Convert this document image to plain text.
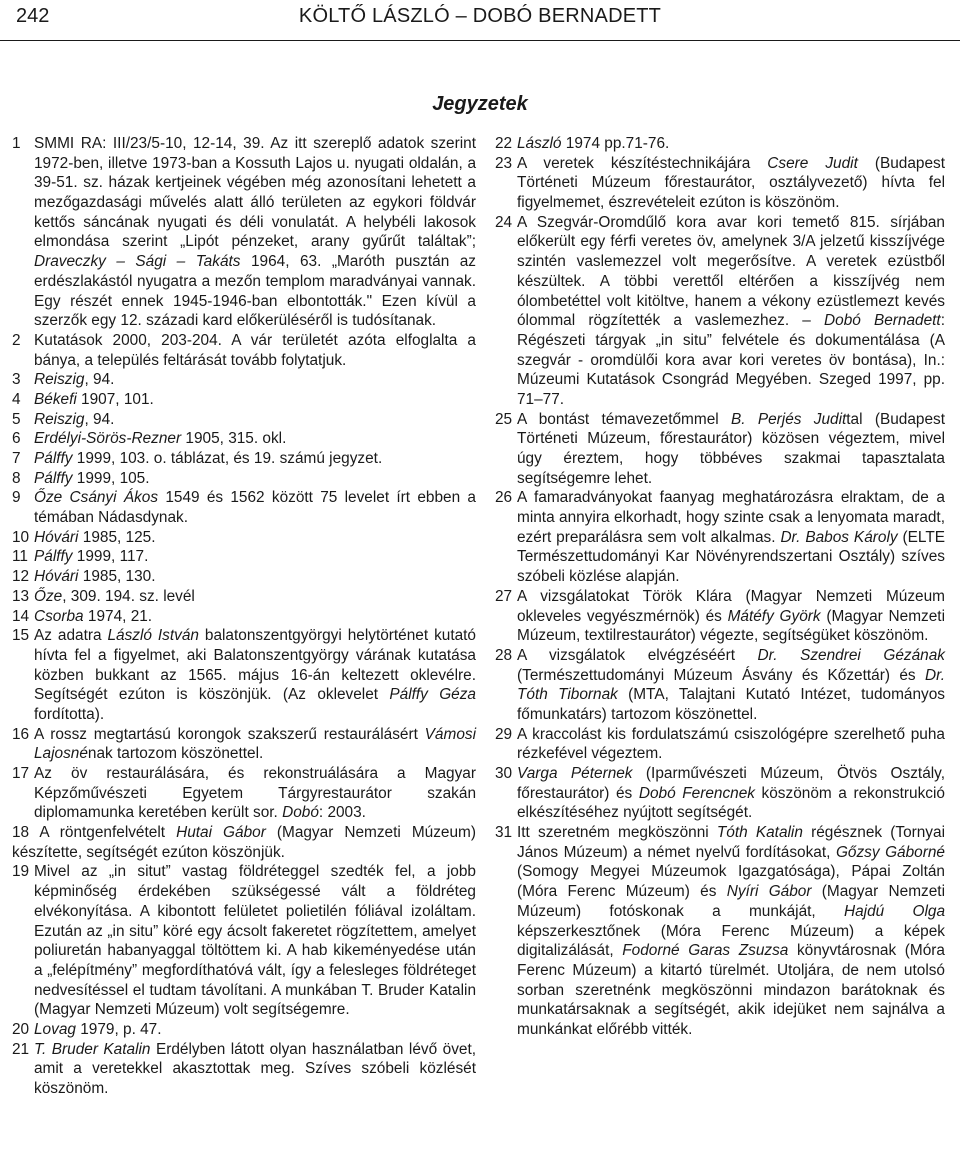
242	KÖLTŐ LÁSZLÓ – DOBÓ BERNADETT
Jegyzetek

1 SMMI RA: III/23/5-10, 12-14, 39. Az itt szereplő adatok szerint 1972-ben, illetve 1973-ban a Kossuth Lajos u. nyugati oldalán, a 39-51. sz. házak kertjeinek végében még azonosítani lehetett a mezőgazdasági művelés alatt álló területen az egykori földvár kettős sáncának nyugati és déli vonulatát. A helybéli lakosok elmondása szerint „Lipót pénzeket, arany gyűrűt találtak”; Draveczky – Sági – Takáts 1964, 63. „Maróth pusztán az erdészlakástól nyugatra a mezőn templom maradványai vannak. Egy részét ennek 1945-1946-ban elbontották." Ezen kívül a szerzők egy 12. századi kard előkerüléséről is tudósítanak.

2 Kutatások 2000, 203-204. A vár területét azóta elfoglalta a bánya, a település feltárását tovább folytatjuk.

3 Reiszig, 94.

4 Békefi 1907, 101.

5 Reiszig, 94.

6 Erdélyi-Sörös-Rezner 1905, 315. okl.

7 Pálffy 1999, 103. o. táblázat, és 19. számú jegyzet.

8 Pálffy 1999, 105.

9 Őze Csányi Ákos 1549 és 1562 között 75 levelet írt ebben a témában Nádasdynak.

10 Hóvári 1985, 125.

11 Pálffy 1999, 117.

12 Hóvári 1985, 130.

13 Őze, 309. 194. sz. levél

14 Csorba 1974, 21.

15 Az adatra László István balatonszentgyörgyi helytörténet kutató hívta fel a figyelmet, aki Balatonszentgyörgy várának kutatása közben bukkant az 1565. május 16-án keltezett oklevélre. Segítségét ezúton is köszönjük. (Az oklevelet Pálffy Géza fordította).

16 A rossz megtartású korongok szakszerű restaurálásért Vámosi Lajosnénak tartozom köszönettel.

17 Az öv restaurálására, és rekonstruálására a Magyar Képzőművészeti Egyetem Tárgyrestaurátor szakán diplomamunka keretében került sor. Dobó: 2003.

18 A röntgenfelvételt Hutai Gábor (Magyar Nemzeti Múzeum) készítette, segítségét ezúton köszönjük.

19 Mivel az „in situt” vastag földréteggel szedték fel, a jobb képminőség érdekében szükségessé vált a földréteg elvékonyítása. A kibontott felületet polietilén fóliával izoláltam. Ezután az „in situ” köré egy ácsolt fakeretet rögzítettem, amelyet poliuretán habanyaggal töltöttem ki. A hab kikeményedése után a „felépítmény” megfordíthatóvá vált, így a felesleges földréteget nedvesítéssel el tudtam távolítani. A munkában T. Bruder Katalin (Magyar Nemzeti Múzeum) volt segítségemre.

20 Lovag 1979, p. 47.

21 T. Bruder Katalin Erdélyben látott olyan használatban lévő övet, amit a veretekkel akasztottak meg. Szíves szóbeli közlését köszönöm.

22 László 1974 pp.71-76.

23 A veretek készítéstechnikájára Csere Judit (Budapest Történeti Múzeum főrestaurátor, osztályvezető) hívta fel figyelmemet, észrevételeit ezúton is köszönöm.

24 A Szegvár-Oromdűlő kora avar kori temető 815. sírjában előkerült egy férfi veretes öv, amelynek 3/A jelzetű kisszíjvége szintén vaslemezzel volt megerősítve. A veretek ezüstből készültek. A többi verettől eltérően a kisszíjvég nem ólombetéttel volt kitöltve, hanem a vékony ezüstlemezt kevés ólommal rögzítették a vaslemezhez. – Dobó Bernadett: Régészeti tárgyak „in situ” felvétele és dokumentálása (A szegvár - oromdülői kora avar kori veretes öv bontása), In.: Múzeumi Kutatások Csongrád Megyében. Szeged 1997, pp. 71–77.

25 A bontást témavezetőmmel B. Perjés Judittal (Budapest Történeti Múzeum, főrestaurátor) közösen végeztem, mivel úgy éreztem, hogy többéves szakmai tapasztalata segítségemre lehet.

26 A famaradványokat faanyag meghatározásra elraktam, de a minta annyira elkorhadt, hogy szinte csak a lenyomata maradt, ezért preparálásra sem volt alkalmas. Dr. Babos Károly (ELTE Természettudományi Kar Növényrendszertani Osztály) szíves szóbeli közlése alapján.

27 A vizsgálatokat Török Klára (Magyar Nemzeti Múzeum okleveles vegyészmérnök) és Mátéfy Györk (Magyar Nemzeti Múzeum, textilrestaurátor) végezte, segítségüket köszönöm.

28 A vizsgálatok elvégzéséért Dr. Szendrei Gézának (Természettudományi Múzeum Ásvány és Kőzettár) és Dr. Tóth Tibornak (MTA, Talajtani Kutató Intézet, tudományos főmunkatárs) tartozom köszönettel.

29 A kraccolást kis fordulatszámú csiszológépre szerelhető puha rézkefével végeztem.

30 Varga Péternek (Iparművészeti Múzeum, Ötvös Osztály, főrestaurátor) és Dobó Ferencnek köszönöm a rekonstrukció elkészítéséhez nyújtott segítségét.

31 Itt szeretném megköszönni Tóth Katalin régésznek (Tornyai János Múzeum) a német nyelvű fordításokat, Gőzsy Gáborné (Somogy Megyei Múzeumok Igazgatósága), Pápai Zoltán (Móra Ferenc Múzeum) és Nyíri Gábor (Magyar Nemzeti Múzeum) fotóskonak a munkáját, Hajdú Olga képszerkesztőnek (Móra Ferenc Múzeum) a képek digitalizálását, Fodorné Garas Zsuzsa könyvtárosnak (Móra Ferenc Múzeum) a kitartó türelmét. Utoljára, de nem utolsó sorban szeretnénk megköszönni mindazon barátoknak és munkatársaknak a segítségét, akik idejüket nem sajnálva a munkánkat előrébb vitték.
